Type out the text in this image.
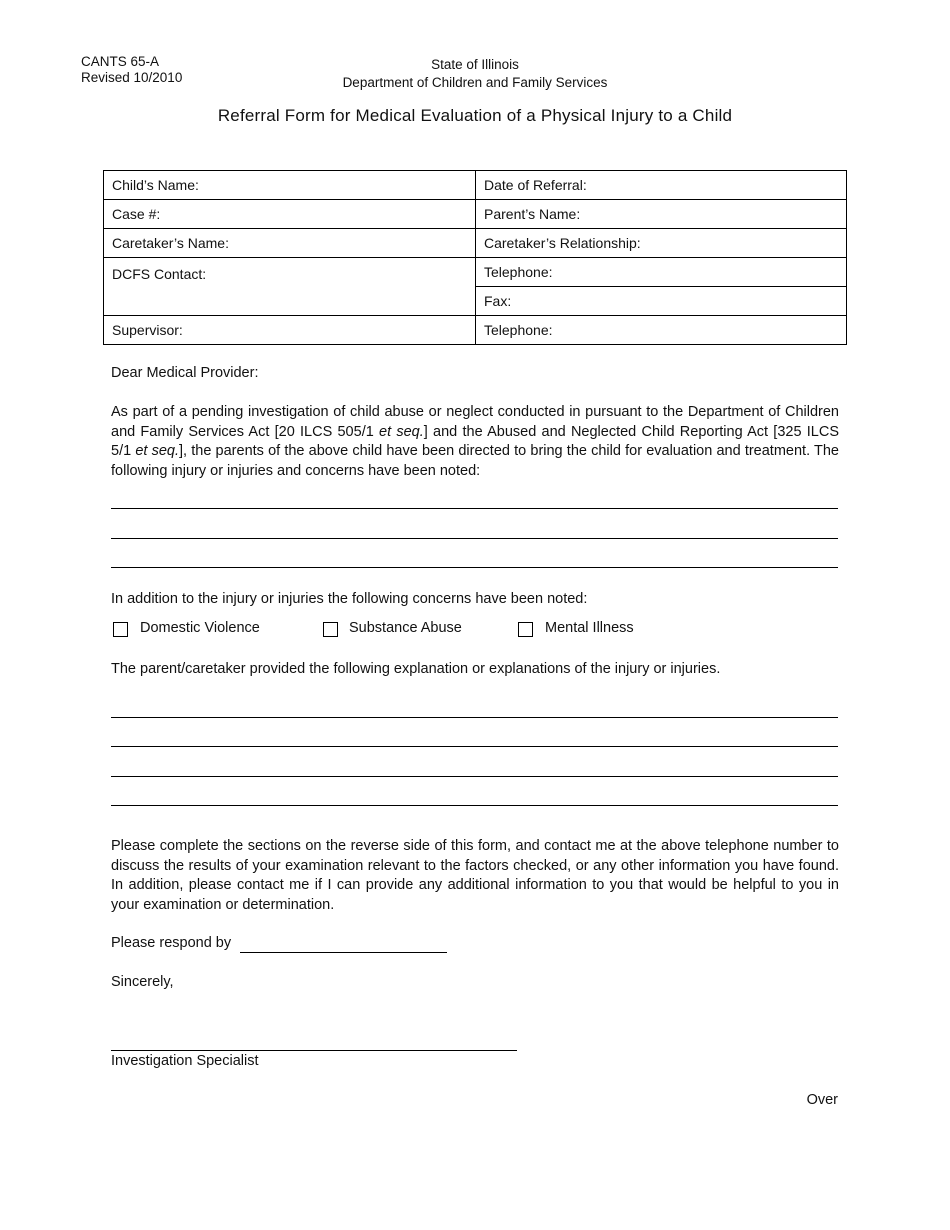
CANTS 65-A
Revised 10/2010
State of Illinois
Department of Children and Family Services
Referral Form for Medical Evaluation of a Physical Injury to a Child
Child’s Name:	Date of Referral:
Case #:	Parent’s Name:
Caretaker’s Name:	Caretaker’s Relationship:
DCFS Contact:	Telephone:
	Fax:
Supervisor:	Telephone:
Dear Medical Provider:
As part of a pending investigation of child abuse or neglect conducted in pursuant to the Department of Children and Family Services Act [20 ILCS 505/1 et seq.] and the Abused and Neglected Child Reporting Act [325 ILCS 5/1 et seq.], the parents of the above child have been directed to bring the child for evaluation and treatment. The following injury or injuries and concerns have been noted:
In addition to the injury or injuries the following concerns have been noted:
Domestic Violence	Substance Abuse	Mental Illness
The parent/caretaker provided the following explanation or explanations of the injury or injuries.
Please complete the sections on the reverse side of this form, and contact me at the above telephone number to discuss the results of your examination relevant to the factors checked, or any other information you have found. In addition, please contact me if I can provide any additional information to you that would be helpful to you in your examination or determination.
Please respond by
Sincerely,
Investigation Specialist
Over
